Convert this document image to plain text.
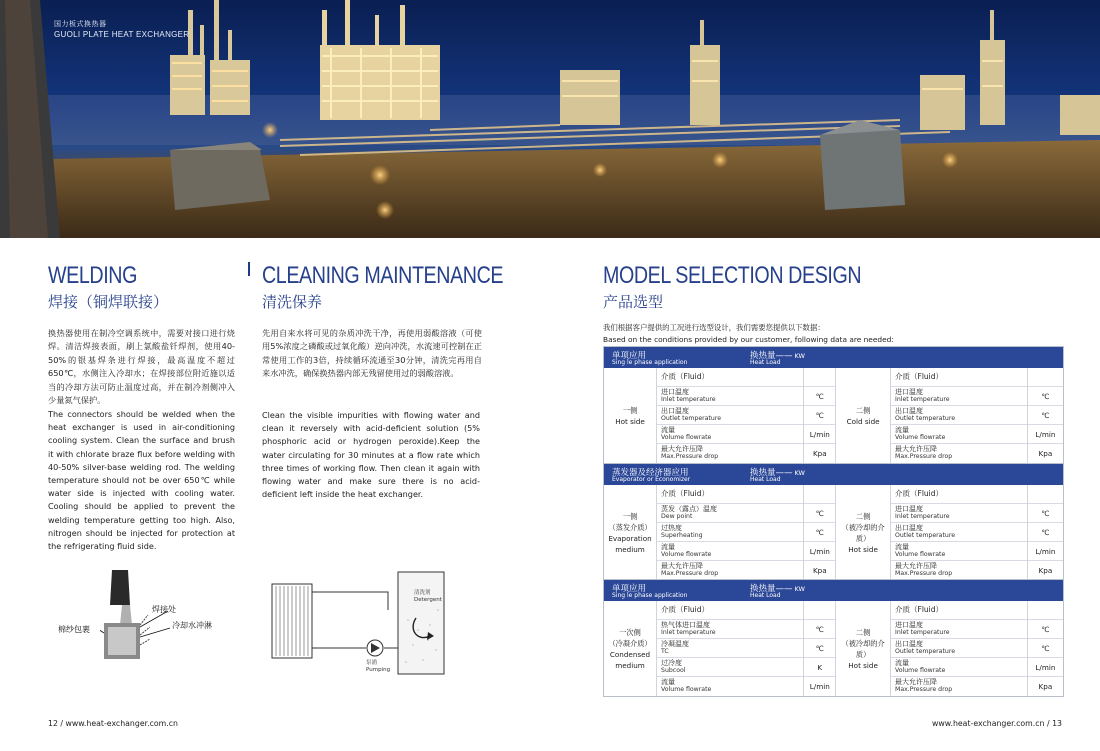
国力板式换热器
GUOLI PLATE HEAT EXCHANGER
WELDING
焊接（铜焊联接）
换热器使用在制冷空调系统中，需要对接口进行烧焊。清洁焊接表面，刷上氯酸盐钎焊剂，使用40-50%的银基焊条进行焊接，最高温度不超过650℃，水侧注入冷却水；在焊接部位附近施以适当的冷却方法可防止温度过高，并在制冷剂侧冲入少量氮气保护。
The connectors should be welded when the heat exchanger is used in air-conditioning cooling system. Clean the surface and brush it with chlorate braze flux before welding with 40-50% silver-base welding rod. The welding temperature should not be over 650℃ while water side is injected with cooling water. Cooling should be applied to prevent the welding temperature getting too high. Also, nitrogen should be injected for protection at the refrigerating fluid side.
焊接处
冷却水冲淋
棉纱包裹
CLEANING MAINTENANCE
清洗保养
先用自来水将可见的杂质冲洗干净，再使用弱酸溶液（可使用5%浓度之磷酸或过氧化酸）逆向冲洗，水流速可控制在正常使用工作的3倍，持续循环流通至30分钟，清洗完再用自来水冲洗，确保换热器内部无残留使用过的弱酸溶液。
Clean the visible impurities with flowing water and clean it reversely with acid-deficient solution (5% phosphoric acid or hydrogen peroxide).Keep the water circulating for 30 minutes at a flow rate which three times of working flow. Then clean it again with flowing water and make sure there is no acid-deficient left inside the heat exchanger.
清洗剂
Detergent
泵浦
Pumping
MODEL SELECTION DESIGN
产品选型
我们根据客户提供的工况进行选型设计，我们需要您提供以下数据：
Based on the conditions provided by our customer, following data are needed:
单项应用
Sing le phase application
换热量—— KW
Heat Load
一侧
Hot side
介质（Fluid）
进口温度
Inlet temperature
出口温度
Outlet temperature
流量
Volume flowrate
最大允许压降
Max.Pressure drop
℃
℃
L/min
Kpa
二侧
Cold side
介质（Fluid）
进口温度
Inlet temperature
出口温度
Outlet temperature
流量
Volume flowrate
最大允许压降
Max.Pressure drop
℃
℃
L/min
Kpa
蒸发器及经济器应用
Evaporator or Economizer
换热量—— KW
Heat Load
一侧
（蒸发介质）
Evaporation
medium
介质（Fluid）
蒸发（露点）温度
Dew point
过热度
Superheating
流量
Volume flowrate
最大允许压降
Max.Pressure drop
℃
℃
L/min
Kpa
二侧
（被冷却的介质）
Hot side
介质（Fluid）
进口温度
Inlet temperature
出口温度
Outlet temperature
流量
Volume flowrate
最大允许压降
Max.Pressure drop
℃
℃
L/min
Kpa
单项应用
Sing le phase application
换热量—— KW
Heat Load
一次侧
（冷凝介质）
Condensed
medium
介质（Fluid）
热气体进口温度
Inlet temperature
冷凝温度
TC
过冷度
Subcool
流量
Volume flowrate
℃
℃
K
L/min
二侧
（被冷却的介质）
Hot side
介质（Fluid）
进口温度
Inlet temperature
出口温度
Outlet temperature
流量
Volume flowrate
最大允许压降
Max.Pressure drop
℃
℃
L/min
Kpa
12 / www.heat-exchanger.com.cn	www.heat-exchanger.com.cn / 13
